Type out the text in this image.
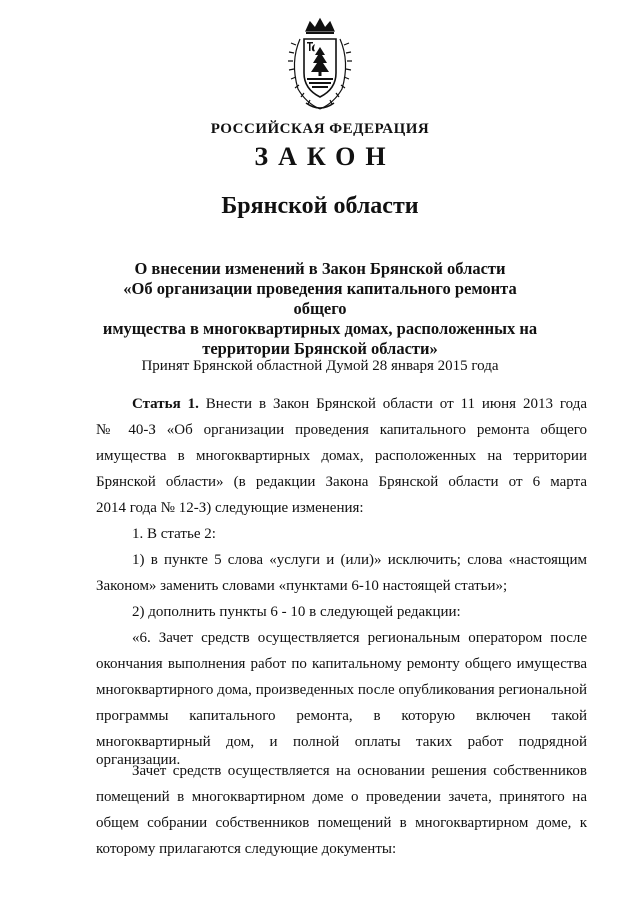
РОССИЙСКАЯ ФЕДЕРАЦИЯ
ЗАКОН
Брянской области
О внесении изменений в Закон Брянской области
«Об организации проведения капитального ремонта общего
имущества в многоквартирных домах, расположенных на
территории Брянской области»
Принят Брянской областной Думой 28 января 2015 года
Статья 1. Внести в Закон Брянской области от 11 июня 2013 года
№ 40-З «Об организации проведения капитального ремонта общего
имущества в многоквартирных домах, расположенных на территории
Брянской области» (в редакции Закона Брянской области от 6 марта
2014 года № 12-З) следующие изменения:
1. В статье 2:
1) в пункте 5 слова «услуги и (или)» исключить; слова «настоящим
Законом» заменить словами «пунктами 6-10 настоящей статьи»;
2) дополнить пункты 6 - 10 в следующей редакции:
«6. Зачет средств осуществляется региональным оператором после
окончания выполнения работ по капитальному ремонту общего имущества
многоквартирного дома, произведенных после опубликования региональной
программы капитального ремонта, в которую включен такой
многоквартирный дом, и полной оплаты таких работ подрядной организации.
Зачет средств осуществляется на основании решения собственников
помещений в многоквартирном доме о проведении зачета, принятого на
общем собрании собственников помещений в многоквартирном доме, к
которому прилагаются следующие документы:
